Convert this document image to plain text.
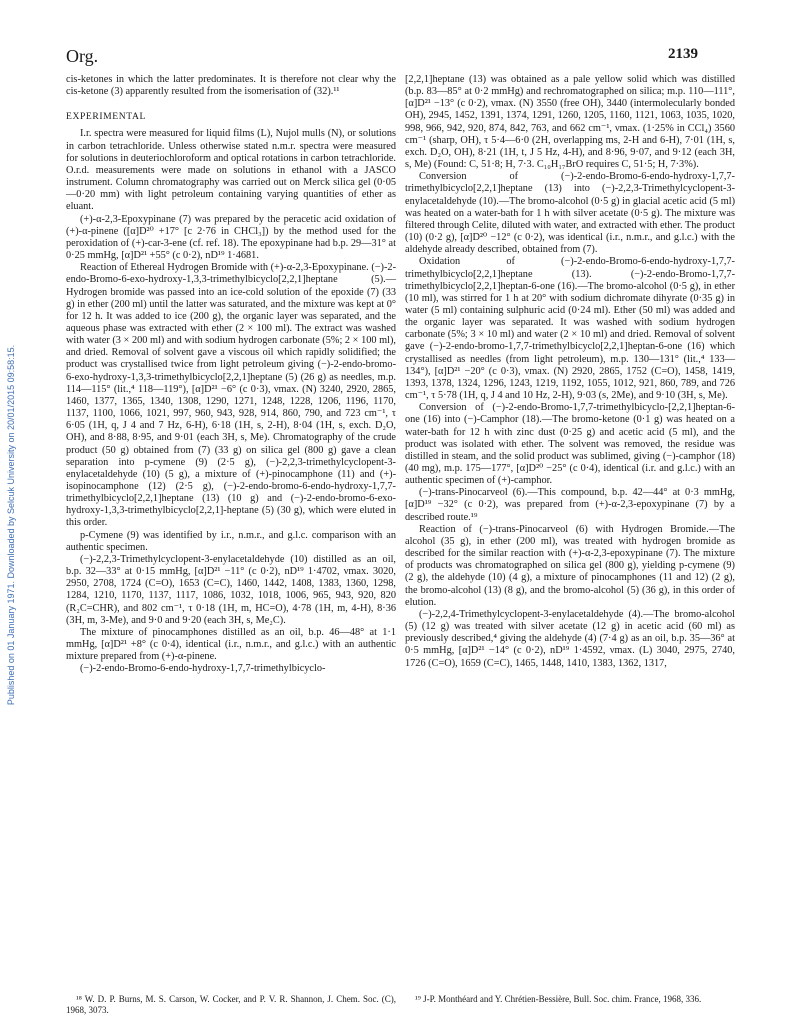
Org.	2139
Published on 01 January 1971. Downloaded by Selcuk University on 20/01/2015 09:58:15.

cis-ketones in which the latter predominates. It is therefore not clear why the cis-ketone (3) apparently resulted from the isomerisation of (32).¹¹

EXPERIMENTAL

I.r. spectra were measured for liquid films (L), Nujol mulls (N), or solutions in carbon tetrachloride. Unless otherwise stated n.m.r. spectra were measured for solutions in deuteriochloroform and optical rotations in carbon tetrachloride. O.r.d. measurements were made on solutions in ethanol with a JASCO instrument. Column chromatography was carried out on Merck silica gel (0·05—0·20 mm) with light petroleum containing varying quantities of ether as eluant.

(+)-α-2,3-Epoxypinane (7) was prepared by the peracetic acid oxidation of (+)-α-pinene ([α]D²⁰ +17° [c 2·76 in CHCl₃]) by the method used for the peroxidation of (+)-car-3-ene (cf. ref. 18). The epoxypinane had b.p. 29—31° at 0·25 mmHg, [α]D²¹ +55° (c 0·2), nD¹⁹ 1·4681.

Reaction of Ethereal Hydrogen Bromide with (+)-α-2,3-Epoxypinane. (−)-2-endo-Bromo-6-exo-hydroxy-1,3,3-trimethylbicyclo[2,2,1]heptane (5).—Hydrogen bromide was passed into an ice-cold solution of the epoxide (7) (33 g) in ether (200 ml) until the latter was saturated, and the mixture was kept at 0° for 12 h. It was added to ice (200 g), the organic layer was separated, and the aqueous phase was extracted with ether (2 × 100 ml). The extract was washed with water (3 × 200 ml) and with sodium hydrogen carbonate (5%; 2 × 100 ml), and dried. Removal of solvent gave a viscous oil which rapidly solidified; the product was crystallised twice from light petroleum giving (−)-2-endo-bromo-6-exo-hydroxy-1,3,3-trimethylbicyclo[2,2,1]heptane (5) (26 g) as needles, m.p. 114—115° (lit.,⁴ 118—119°), [α]D²¹ −6° (c 0·3), νmax. (N) 3240, 2920, 2865, 1460, 1377, 1365, 1340, 1308, 1290, 1271, 1248, 1228, 1206, 1196, 1170, 1137, 1100, 1066, 1021, 997, 960, 943, 928, 914, 860, 790, and 723 cm⁻¹, τ 6·05 (1H, q, J 4 and 7 Hz, 6-H), 6·18 (1H, s, 2-H), 8·04 (1H, s, exch. D₂O, OH), and 8·88, 8·95, and 9·01 (each 3H, s, Me). Chromatography of the crude product (50 g) obtained from (7) (33 g) on silica gel (800 g) gave a clean separation into p-cymene (9) (2·5 g), (−)-2,2,3-trimethylcyclopent-3-enylacetaldehyde (10) (5 g), a mixture of (+)-pinocamphone (11) and (+)-isopinocamphone (12) (2·5 g), (−)-2-endo-bromo-6-endo-hydroxy-1,7,7-trimethylbicyclo[2,2,1]heptane (13) (10 g) and (−)-2-endo-bromo-6-exo-hydroxy-1,3,3-trimethylbicyclo[2,2,1]-heptane (5) (30 g), which were eluted in this order.

p-Cymene (9) was identified by i.r., n.m.r., and g.l.c. comparison with an authentic specimen.

(−)-2,2,3-Trimethylcyclopent-3-enylacetaldehyde (10) distilled as an oil, b.p. 32—33° at 0·15 mmHg, [α]D²¹ −11° (c 0·2), nD¹⁹ 1·4702, νmax. 3020, 2950, 2708, 1724 (C=O), 1653 (C=C), 1460, 1442, 1408, 1383, 1360, 1298, 1284, 1210, 1170, 1137, 1117, 1086, 1032, 1018, 1006, 965, 943, 920, 820 (R₂C=CHR), and 802 cm⁻¹, τ 0·18 (1H, m, HC=O), 4·78 (1H, m, 4-H), 8·36 (3H, m, 3-Me), and 9·0 and 9·20 (each 3H, s, Me₂C).

The mixture of pinocamphones distilled as an oil, b.p. 46—48° at 1·1 mmHg, [α]D²¹ +8° (c 0·4), identical (i.r., n.m.r., and g.l.c.) with an authentic mixture prepared from (+)-α-pinene.

(−)-2-endo-Bromo-6-endo-hydroxy-1,7,7-trimethylbicyclo-

[2,2,1]heptane (13) was obtained as a pale yellow solid which was distilled (b.p. 83—85° at 0·2 mmHg) and rechromatographed on silica; m.p. 110—111°, [α]D²¹ −13° (c 0·2), νmax. (N) 3550 (free OH), 3440 (intermolecularly bonded OH), 2945, 1452, 1391, 1374, 1291, 1260, 1205, 1160, 1121, 1063, 1035, 1020, 998, 966, 942, 920, 874, 842, 763, and 662 cm⁻¹, νmax. (1·25% in CCl₄) 3560 cm⁻¹ (sharp, OH), τ 5·4—6·0 (2H, overlapping ms, 2-H and 6-H), 7·01 (1H, s, exch. D₂O, OH), 8·21 (1H, t, J 5 Hz, 4-H), and 8·96, 9·07, and 9·12 (each 3H, s, Me) (Found: C, 51·8; H, 7·3. C₁₀H₁₇BrO requires C, 51·5; H, 7·3%).

Conversion of (−)-2-endo-Bromo-6-endo-hydroxy-1,7,7-trimethylbicyclo[2,2,1]heptane (13) into (−)-2,2,3-Trimethylcyclopent-3-enylacetaldehyde (10).—The bromo-alcohol (0·5 g) in glacial acetic acid (5 ml) was heated on a water-bath for 1 h with silver acetate (0·5 g). The mixture was filtered through Celite, diluted with water, and extracted with ether. The product (10) (0·2 g), [α]D²⁰ −12° (c 0·2), was identical (i.r., n.m.r., and g.l.c.) with the aldehyde already described, obtained from (7).

Oxidation of (−)-2-endo-Bromo-6-endo-hydroxy-1,7,7-trimethylbicyclo[2,2,1]heptane (13). (−)-2-endo-Bromo-1,7,7-trimethylbicyclo[2,2,1]heptan-6-one (16).—The bromo-alcohol (0·5 g), in ether (10 ml), was stirred for 1 h at 20° with sodium dichromate dihyrate (0·35 g) in water (5 ml) containing sulphuric acid (0·24 ml). Ether (50 ml) was added and the organic layer was separated. It was washed with sodium hydrogen carbonate (5%; 3 × 10 ml) and water (2 × 10 ml) and dried. Removal of solvent gave (−)-2-endo-bromo-1,7,7-trimethylbicyclo[2,2,1]heptan-6-one (16) which crystallised as needles (from light petroleum), m.p. 130—131° (lit.,⁴ 133—134°), [α]D²¹ −20° (c 0·3), νmax. (N) 2920, 2865, 1752 (C=O), 1458, 1419, 1393, 1378, 1324, 1296, 1243, 1219, 1192, 1055, 1012, 921, 860, 789, and 726 cm⁻¹, τ 5·78 (1H, q, J 4 and 10 Hz, 2-H), 9·03 (s, 2Me), and 9·10 (3H, s, Me).

Conversion of (−)-2-endo-Bromo-1,7,7-trimethylbicyclo-[2,2,1]heptan-6-one (16) into (−)-Camphor (18).—The bromo-ketone (0·1 g) was heated on a water-bath for 12 h with zinc dust (0·25 g) and acetic acid (5 ml), and the product was isolated with ether. The solvent was removed, the residue was distilled in steam, and the solid product was sublimed, giving (−)-camphor (18) (40 mg), m.p. 175—177°, [α]D²⁰ −25° (c 0·4), identical (i.r. and g.l.c.) with an authentic specimen of (+)-camphor.

(−)-trans-Pinocarveol (6).—This compound, b.p. 42—44° at 0·3 mmHg, [α]D¹⁹ −32° (c 0·2), was prepared from (+)-α-2,3-epoxypinane (7) by a described route.¹⁹

Reaction of (−)-trans-Pinocarveol (6) with Hydrogen Bromide.—The alcohol (35 g), in ether (200 ml), was treated with hydrogen bromide as described for the similar reaction with (+)-α-2,3-epoxypinane (7). The mixture of products was chromatographed on silica gel (800 g), yielding p-cymene (9) (2 g), the aldehyde (10) (4 g), a mixture of pinocamphones (11 and 12) (2 g), the bromo-alcohol (13) (8 g), and the bromo-alcohol (5) (36 g), in this order of elution.

(−)-2,2,4-Trimethylcyclopent-3-enylacetaldehyde (4).—The bromo-alcohol (5) (12 g) was treated with silver acetate (12 g) in acetic acid (60 ml) as previously described,⁴ giving the aldehyde (4) (7·4 g) as an oil, b.p. 35—36° at 0·5 mmHg, [α]D²¹ −14° (c 0·2), nD¹⁹ 1·4592, νmax. (L) 3040, 2975, 2740, 1726 (C=O), 1659 (C=C), 1465, 1448, 1410, 1383, 1362, 1317,

¹⁸ W. D. P. Burns, M. S. Carson, W. Cocker, and P. V. R. Shannon, J. Chem. Soc. (C), 1968, 3073.

¹⁹ J-P. Monthéard and Y. Chrétien-Bessière, Bull. Soc. chim. France, 1968, 336.
